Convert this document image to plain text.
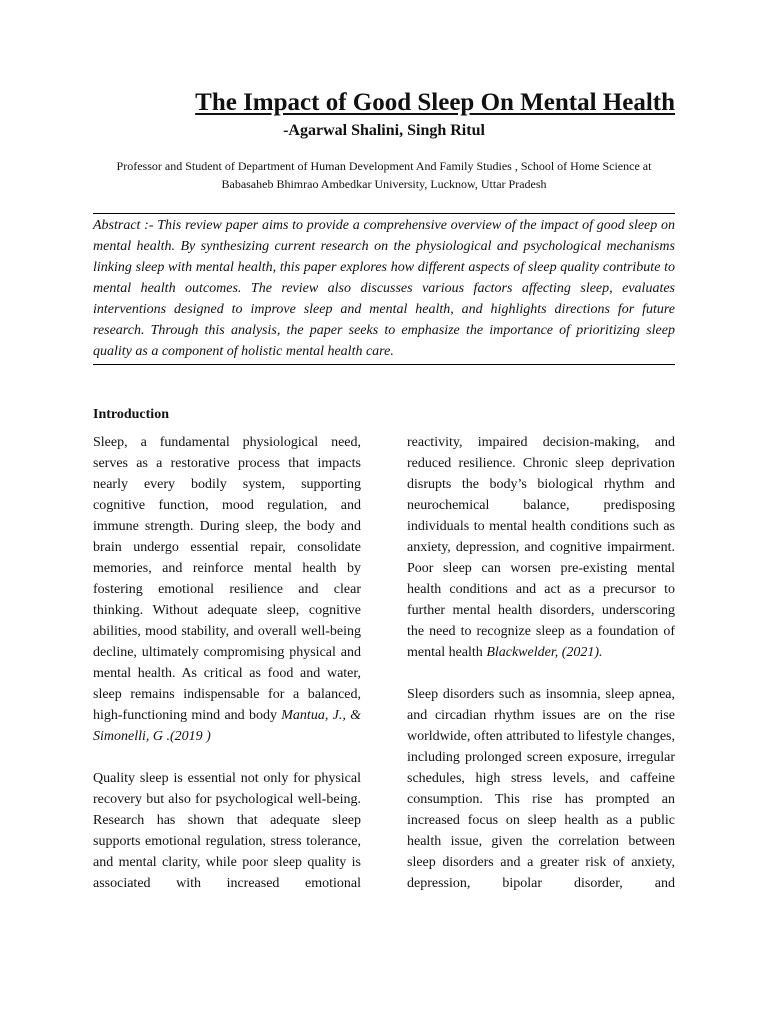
The Impact of Good Sleep On Mental Health
-Agarwal Shalini, Singh Ritul
Professor and Student of Department of Human Development And Family Studies , School of Home Science at
Babasaheb Bhimrao Ambedkar University, Lucknow, Uttar Pradesh
Abstract :- This review paper aims to provide a comprehensive overview of the impact of good sleep on mental health. By synthesizing current research on the physiological and psychological mechanisms linking sleep with mental health, this paper explores how different aspects of sleep quality contribute to mental health outcomes. The review also discusses various factors affecting sleep, evaluates interventions designed to improve sleep and mental health, and highlights directions for future research. Through this analysis, the paper seeks to emphasize the importance of prioritizing sleep quality as a component of holistic mental health care.
Introduction

Sleep, a fundamental physiological need, serves as a restorative process that impacts nearly every bodily system, supporting cognitive function, mood regulation, and immune strength. During sleep, the body and brain undergo essential repair, consolidate memories, and reinforce mental health by fostering emotional resilience and clear thinking. Without adequate sleep, cognitive abilities, mood stability, and overall well-being decline, ultimately compromising physical and mental health. As critical as food and water, sleep remains indispensable for a balanced, high-functioning mind and body Mantua, J., & Simonelli, G .(2019 )

Quality sleep is essential not only for physical recovery but also for psychological well-being. Research has shown that adequate sleep supports emotional regulation, stress tolerance, and mental clarity, while poor sleep quality is associated with increased emotional

reactivity, impaired decision-making, and reduced resilience. Chronic sleep deprivation disrupts the body’s biological rhythm and neurochemical balance, predisposing individuals to mental health conditions such as anxiety, depression, and cognitive impairment. Poor sleep can worsen pre-existing mental health conditions and act as a precursor to further mental health disorders, underscoring the need to recognize sleep as a foundation of mental health Blackwelder, (2021).

Sleep disorders such as insomnia, sleep apnea, and circadian rhythm issues are on the rise worldwide, often attributed to lifestyle changes, including prolonged screen exposure, irregular schedules, high stress levels, and caffeine consumption. This rise has prompted an increased focus on sleep health as a public health issue, given the correlation between sleep disorders and a greater risk of anxiety, depression, bipolar disorder, and
